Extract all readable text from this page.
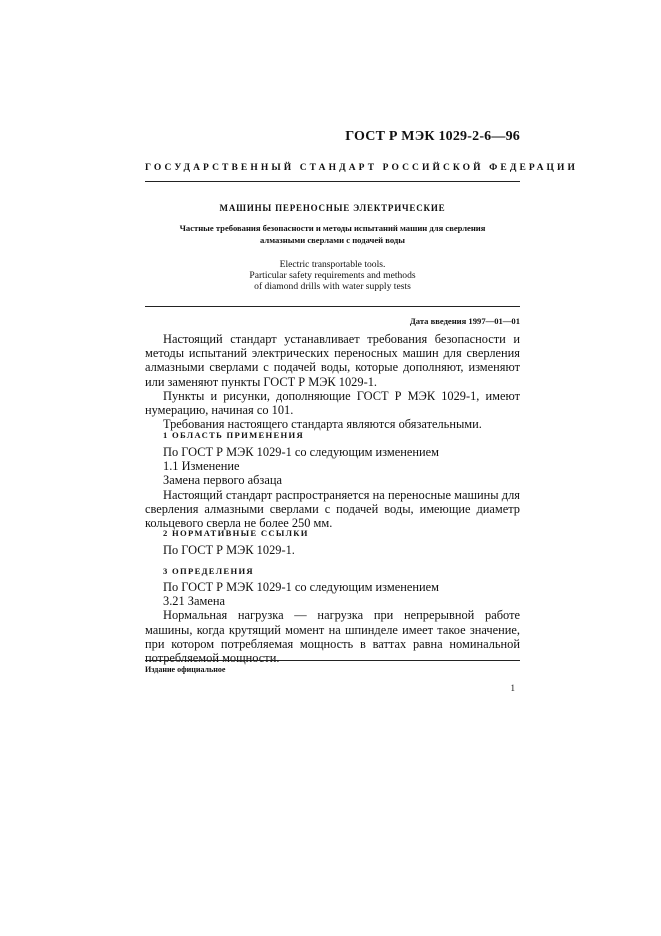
ГОСТ Р МЭК 1029-2-6—96
ГОСУДАРСТВЕННЫЙ СТАНДАРТ РОССИЙСКОЙ ФЕДЕРАЦИИ
МАШИНЫ ПЕРЕНОСНЫЕ ЭЛЕКТРИЧЕСКИЕ
Частные требования безопасности и методы испытаний машин для сверления
алмазными сверлами с подачей воды
Electric transportable tools.
Particular safety requirements and methods
of diamond drills with water supply tests
Дата введения 1997—01—01

Настоящий стандарт устанавливает требования безопасности и методы испытаний электрических переносных машин для сверления алмазными сверлами с подачей воды, которые дополняют, изменяют или заменяют пункты ГОСТ Р МЭК 1029-1.

Пункты и рисунки, дополняющие ГОСТ Р МЭК 1029-1, имеют нумерацию, начиная со 101.

Требования настоящего стандарта являются обязательными.

1 ОБЛАСТЬ ПРИМЕНЕНИЯ

По ГОСТ Р МЭК 1029-1 со следующим изменением

1.1 Изменение

Замена первого абзаца

Настоящий стандарт распространяется на переносные машины для сверления алмазными сверлами с подачей воды, имеющие диаметр кольцевого сверла не более 250 мм.

2 НОРМАТИВНЫЕ ССЫЛКИ

По ГОСТ Р МЭК 1029-1.

3 ОПРЕДЕЛЕНИЯ

По ГОСТ Р МЭК 1029-1 со следующим изменением

3.21 Замена

Нормальная нагрузка — нагрузка при непрерывной работе машины, когда крутящий момент на шпинделе имеет такое значение, при котором потребляемая мощность в ваттах равна номинальной потребляемой мощности.

Издание официальное
1
